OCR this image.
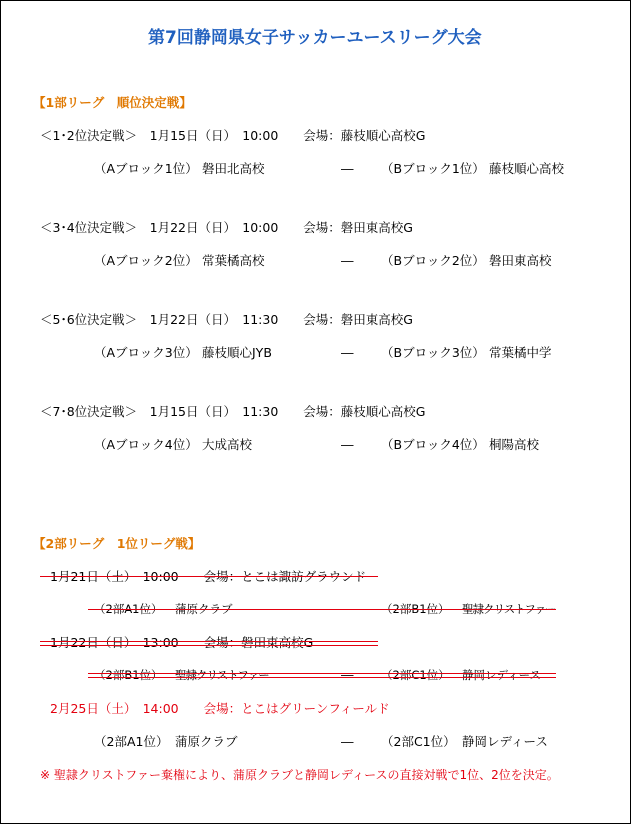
第7回静岡県女子サッカーユースリーグ大会
【1部リーグ　順位決定戦】
＜1･2位決定戦＞　1月15日（日）　10:00　　会場：藤枝順心高校G
（Aブロック1位） 磐田北高校	― （Bブロック1位） 藤枝順心高校
＜3･4位決定戦＞　1月22日（日）　10:00　　会場：磐田東高校G
（Aブロック2位） 常葉橘高校	― （Bブロック2位） 磐田東高校
＜5･6位決定戦＞　1月22日（日）　11:30　　会場：磐田東高校G
（Aブロック3位） 藤枝順心JYB	― （Bブロック3位） 常葉橘中学
＜7･8位決定戦＞　1月15日（日）　11:30　　会場：藤枝順心高校G
（Aブロック4位） 大成高校	― （Bブロック4位） 桐陽高校
【2部リーグ　1位リーグ戦】
1月21日（土）　10:00　　会場：とこは諏訪グラウンド
（2部A1位） 蒲原クラブ	（2部B1位） 聖隷クリストファー
1月22日（日）　13:00　　会場：磐田東高校G
（2部B1位） 聖隷クリストファー	― （2部C1位） 静岡レディース
2月25日（土）　14:00　　会場：とこはグリーンフィールド
（2部A1位） 蒲原クラブ	― （2部C1位） 静岡レディース
※ 聖隷クリストファー棄権により、蒲原クラブと静岡レディースの直接対戦で1位、2位を決定。
